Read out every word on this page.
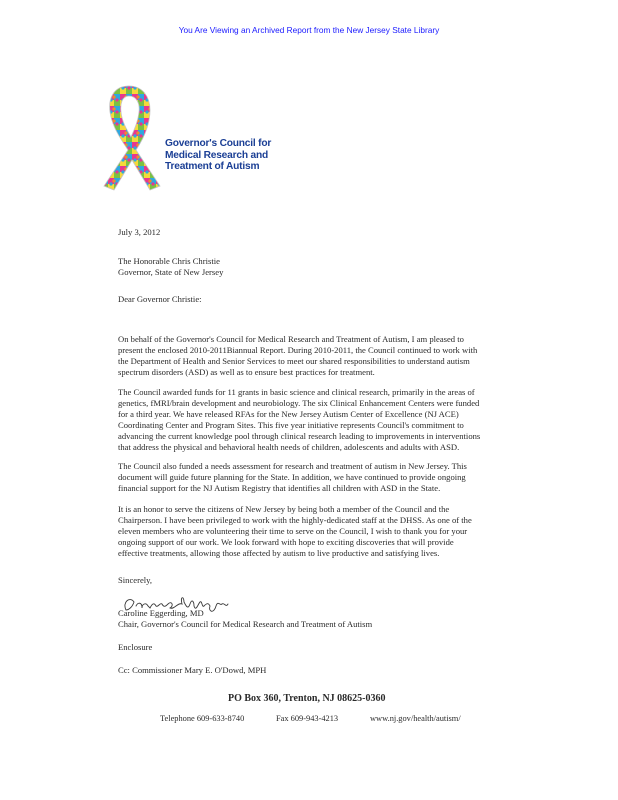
You Are Viewing an Archived Report from the New Jersey State Library
Governor's Council for
Medical Research and
Treatment of Autism
July 3, 2012
The Honorable Chris Christie
Governor, State of New Jersey
Dear Governor Christie:
On behalf of the Governor's Council for Medical Research and Treatment of Autism, I am pleased to
present the enclosed 2010-2011Biannual Report. During 2010-2011, the Council continued to work with
the Department of Health and Senior Services to meet our shared responsibilities to understand autism
spectrum disorders (ASD) as well as to ensure best practices for treatment.
The Council awarded funds for 11 grants in basic science and clinical research, primarily in the areas of
genetics, fMRI/brain development and neurobiology. The six Clinical Enhancement Centers were funded
for a third year. We have released RFAs for the New Jersey Autism Center of Excellence (NJ ACE)
Coordinating Center and Program Sites. This five year initiative represents Council's commitment to
advancing the current knowledge pool through clinical research leading to improvements in interventions
that address the physical and behavioral health needs of children, adolescents and adults with ASD.
The Council also funded a needs assessment for research and treatment of autism in New Jersey. This
document will guide future planning for the State. In addition, we have continued to provide ongoing
financial support for the NJ Autism Registry that identifies all children with ASD in the State.
It is an honor to serve the citizens of New Jersey by being both a member of the Council and the
Chairperson. I have been privileged to work with the highly-dedicated staff at the DHSS. As one of the
eleven members who are volunteering their time to serve on the Council, I wish to thank you for your
ongoing support of our work. We look forward with hope to exciting discoveries that will provide
effective treatments, allowing those affected by autism to live productive and satisfying lives.
Sincerely,
Caroline Eggerding, MD
Chair, Governor's Council for Medical Research and Treatment of Autism
Enclosure
Cc: Commissioner Mary E. O'Dowd, MPH
PO Box 360, Trenton, NJ 08625-0360
Telephone 609-633-8740	Fax 609-943-4213	www.nj.gov/health/autism/
